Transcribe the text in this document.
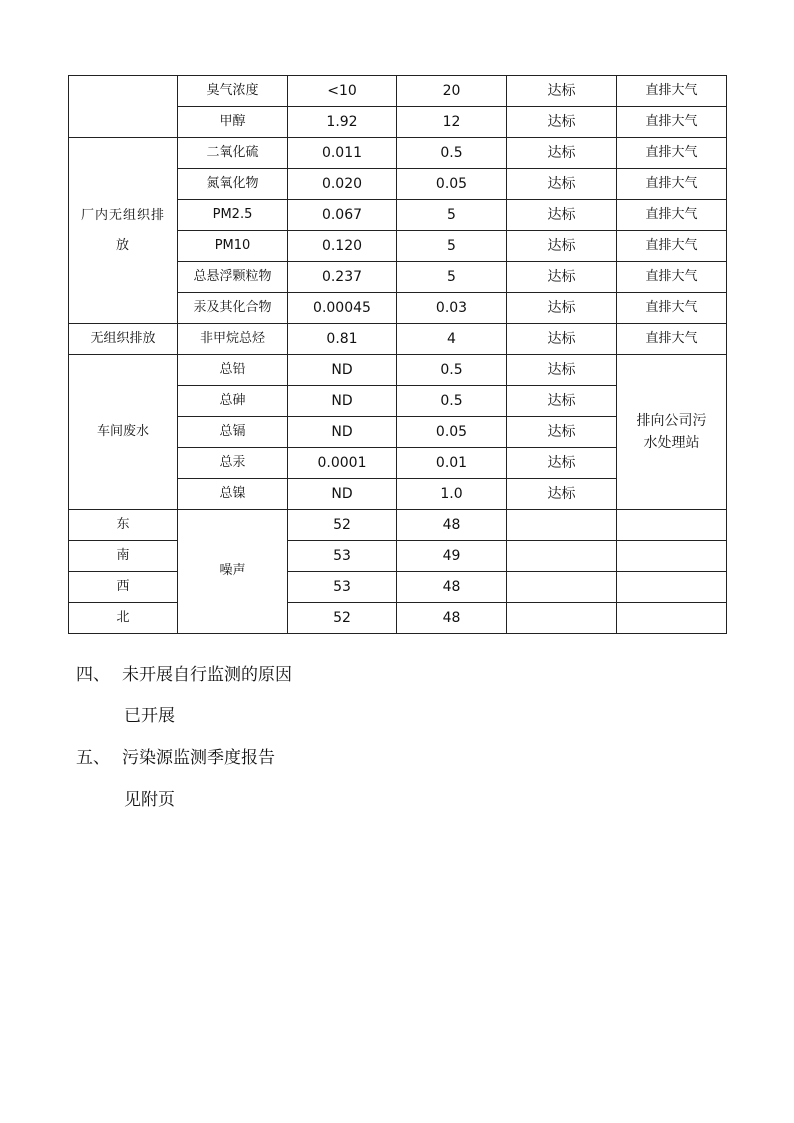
	臭气浓度	<10	20	达标	直排大气
	甲醇	1.92	12	达标	直排大气
厂内无组织排放	二氧化硫	0.011	0.5	达标	直排大气
	氮氧化物	0.020	0.05	达标	直排大气
	PM2.5	0.067	5	达标	直排大气
	PM10	0.120	5	达标	直排大气
	总悬浮颗粒物	0.237	5	达标	直排大气
	汞及其化合物	0.00045	0.03	达标	直排大气
无组织排放	非甲烷总烃	0.81	4	达标	直排大气
车间废水	总铅	ND	0.5	达标	排向公司污水处理站
	总砷	ND	0.5	达标	
	总镉	ND	0.05	达标	
	总汞	0.0001	0.01	达标	
	总镍	ND	1.0	达标	
东	噪声	52	48		
南		53	49		
西		53	48		
北		52	48		
四、 未开展自行监测的原因
已开展
五、 污染源监测季度报告
见附页
